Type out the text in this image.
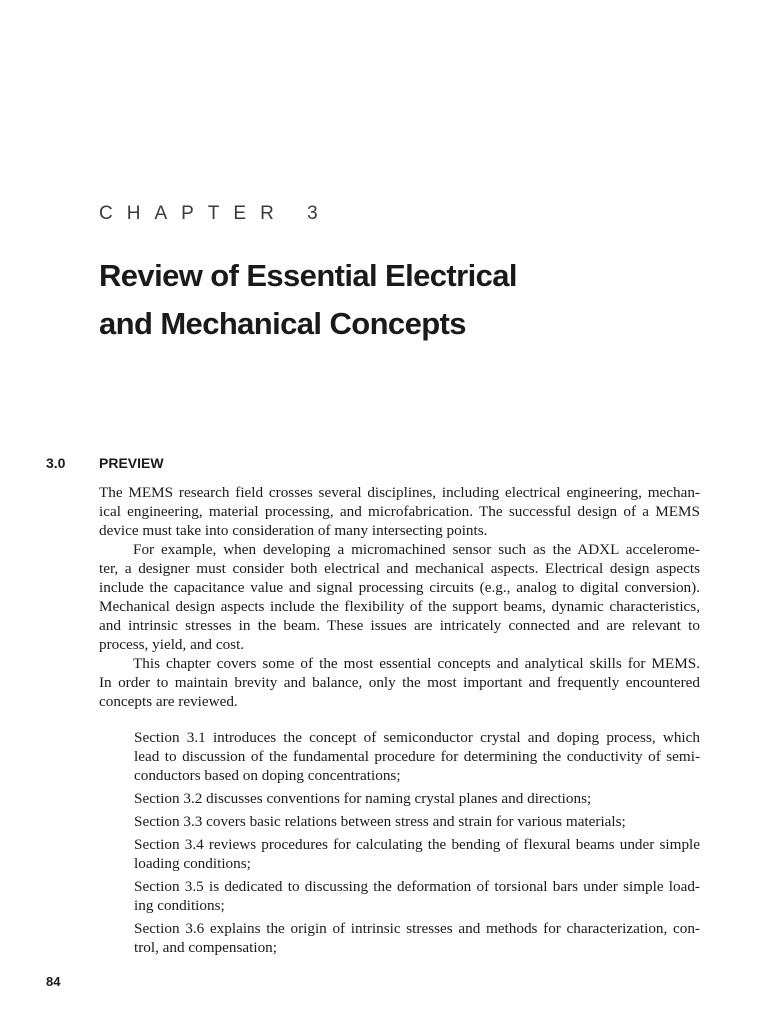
CHAPTER 3
Review of Essential Electrical
and Mechanical Concepts
3.0 PREVIEW

The MEMS research field crosses several disciplines, including electrical engineering, mechan-
ical engineering, material processing, and microfabrication. The successful design of a MEMS
device must take into consideration of many intersecting points.

For example, when developing a micromachined sensor such as the ADXL accelerome-
ter, a designer must consider both electrical and mechanical aspects. Electrical design aspects
include the capacitance value and signal processing circuits (e.g., analog to digital conversion).
Mechanical design aspects include the flexibility of the support beams, dynamic characteristics,
and intrinsic stresses in the beam. These issues are intricately connected and are relevant to
process, yield, and cost.

This chapter covers some of the most essential concepts and analytical skills for MEMS.
In order to maintain brevity and balance, only the most important and frequently encountered
concepts are reviewed.

Section 3.1 introduces the concept of semiconductor crystal and doping process, which
lead to discussion of the fundamental procedure for determining the conductivity of semi-
conductors based on doping concentrations;
Section 3.2 discusses conventions for naming crystal planes and directions;
Section 3.3 covers basic relations between stress and strain for various materials;
Section 3.4 reviews procedures for calculating the bending of flexural beams under simple
loading conditions;
Section 3.5 is dedicated to discussing the deformation of torsional bars under simple load-
ing conditions;
Section 3.6 explains the origin of intrinsic stresses and methods for characterization, con-
trol, and compensation;
84
